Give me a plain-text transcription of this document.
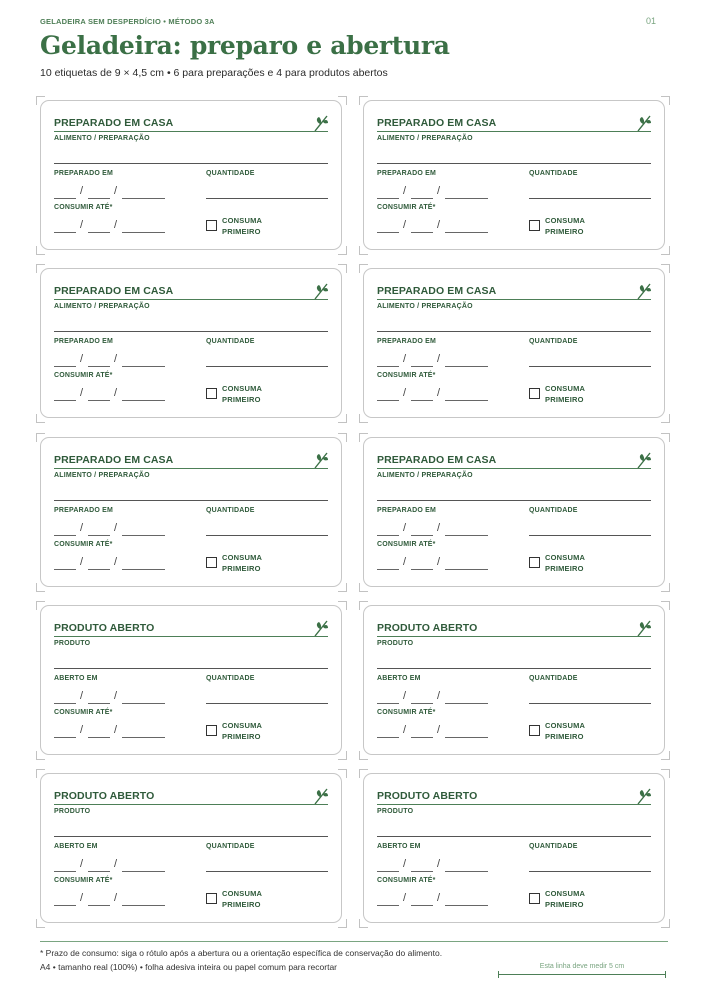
GELADEIRA SEM DESPERDÍCIO • MÉTODO 3A	01
Geladeira: preparo e abertura
10 etiquetas de 9 × 4,5 cm • 6 para preparações e 4 para produtos abertos
PREPARADO EM CASA
ALIMENTO / PREPARAÇÃO
PREPARADO EM	QUANTIDADE
/	/
CONSUMIR ATÉ*
/	/	CONSUMA
PRIMEIRO
PREPARADO EM CASA
ALIMENTO / PREPARAÇÃO
PREPARADO EM	QUANTIDADE
/	/
CONSUMIR ATÉ*
/	/	CONSUMA
PRIMEIRO
PREPARADO EM CASA
ALIMENTO / PREPARAÇÃO
PREPARADO EM	QUANTIDADE
/	/
CONSUMIR ATÉ*
/	/	CONSUMA
PRIMEIRO
PREPARADO EM CASA
ALIMENTO / PREPARAÇÃO
PREPARADO EM	QUANTIDADE
/	/
CONSUMIR ATÉ*
/	/	CONSUMA
PRIMEIRO
PREPARADO EM CASA
ALIMENTO / PREPARAÇÃO
PREPARADO EM	QUANTIDADE
/	/
CONSUMIR ATÉ*
/	/	CONSUMA
PRIMEIRO
PREPARADO EM CASA
ALIMENTO / PREPARAÇÃO
PREPARADO EM	QUANTIDADE
/	/
CONSUMIR ATÉ*
/	/	CONSUMA
PRIMEIRO
PRODUTO ABERTO
PRODUTO
ABERTO EM	QUANTIDADE
/	/
CONSUMIR ATÉ*
/	/	CONSUMA
PRIMEIRO
PRODUTO ABERTO
PRODUTO
ABERTO EM	QUANTIDADE
/	/
CONSUMIR ATÉ*
/	/	CONSUMA
PRIMEIRO
PRODUTO ABERTO
PRODUTO
ABERTO EM	QUANTIDADE
/	/
CONSUMIR ATÉ*
/	/	CONSUMA
PRIMEIRO
PRODUTO ABERTO
PRODUTO
ABERTO EM	QUANTIDADE
/	/
CONSUMIR ATÉ*
/	/	CONSUMA
PRIMEIRO
* Prazo de consumo: siga o rótulo após a abertura ou a orientação específica de conservação do alimento.
A4 • tamanho real (100%) • folha adesiva inteira ou papel comum para recortar	Esta linha deve medir 5 cm
